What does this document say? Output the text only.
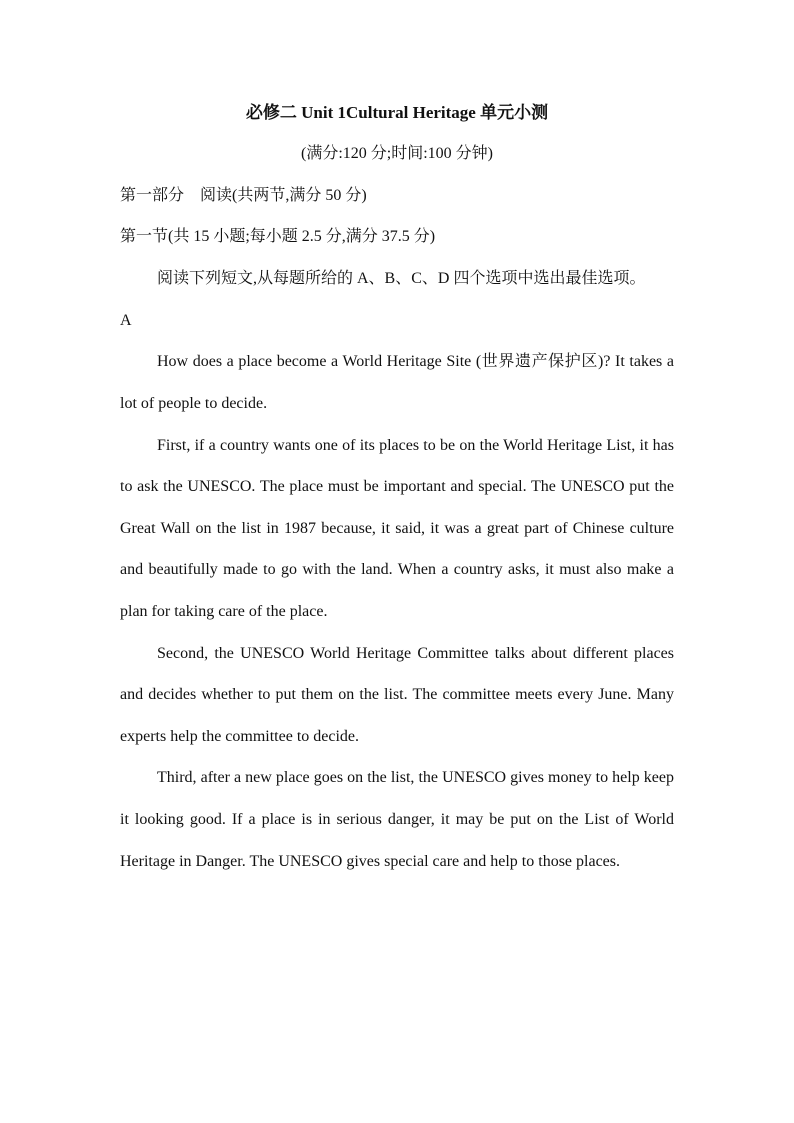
必修二 Unit 1Cultural Heritage 单元小测
(满分:120 分;时间:100 分钟)
第一部分　阅读(共两节,满分 50 分)
第一节(共 15 小题;每小题 2.5 分,满分 37.5 分)
阅读下列短文,从每题所给的 A、B、C、D 四个选项中选出最佳选项。
A
How does a place become a World Heritage Site (世界遗产保护区)? It takes a lot of people to decide.
First, if a country wants one of its places to be on the World Heritage List, it has to ask the UNESCO. The place must be important and special. The UNESCO put the Great Wall on the list in 1987 because, it said, it was a great part of Chinese culture and beautifully made to go with the land. When a country asks, it must also make a plan for taking care of the place.
Second, the UNESCO World Heritage Committee talks about different places and decides whether to put them on the list. The committee meets every June. Many experts help the committee to decide.
Third, after a new place goes on the list, the UNESCO gives money to help keep it looking good. If a place is in serious danger, it may be put on the List of World Heritage in Danger. The UNESCO gives special care and help to those places.
